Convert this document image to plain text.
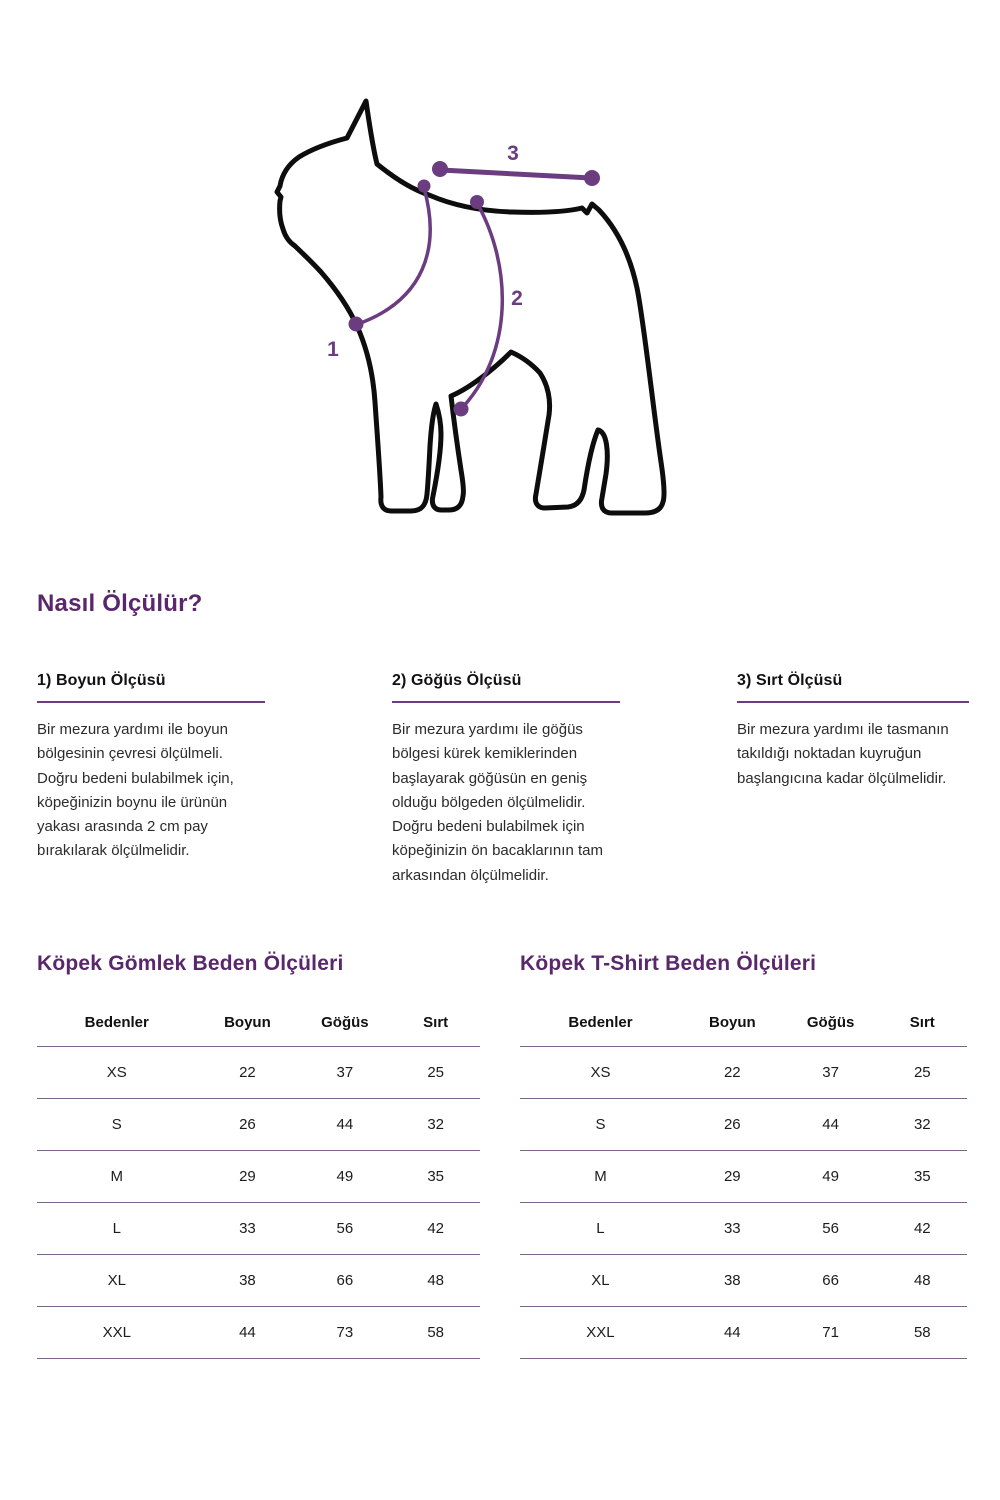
1
2
3
Nasıl Ölçülür?
1) Boyun Ölçüsü

Bir mezura yardımı ile boyun bölgesinin çevresi ölçülmeli. Doğru bedeni bulabilmek için, köpeğinizin boynu ile ürünün yakası arasında 2 cm pay bırakılarak ölçülmelidir.

2) Göğüs Ölçüsü

Bir mezura yardımı ile göğüs bölgesi kürek kemiklerinden başlayarak göğüsün en geniş olduğu bölgeden ölçülmelidir. Doğru bedeni bulabilmek için köpeğinizin ön bacaklarının tam arkasından ölçülmelidir.

3) Sırt Ölçüsü

Bir mezura yardımı ile tasmanın takıldığı noktadan kuyruğun başlangıcına kadar ölçülmelidir.

Köpek Gömlek Beden Ölçüleri
Bedenler	Boyun	Göğüs	Sırt
XS	22	37	25
S	26	44	32
M	29	49	35
L	33	56	42
XL	38	66	48
XXL	44	73	58
Köpek T-Shirt Beden Ölçüleri
Bedenler	Boyun	Göğüs	Sırt
XS	22	37	25
S	26	44	32
M	29	49	35
L	33	56	42
XL	38	66	48
XXL	44	71	58
